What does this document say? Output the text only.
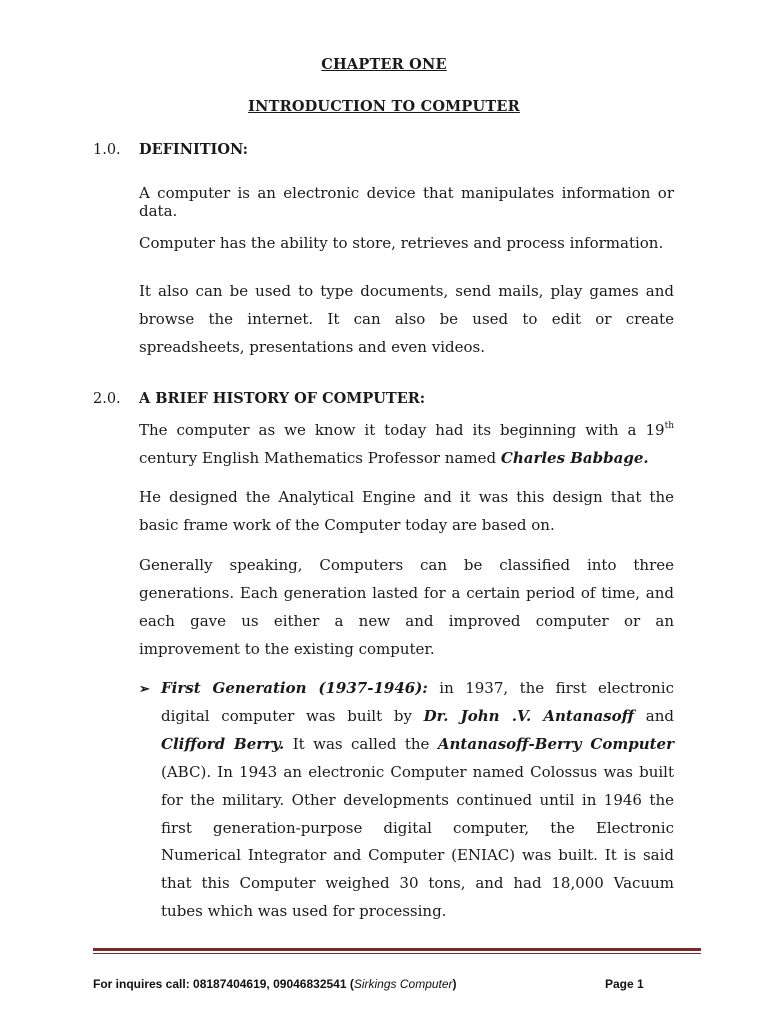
CHAPTER ONE
INTRODUCTION TO COMPUTER
1.0. DEFINITION:

A computer is an electronic device that manipulates information or data.

Computer has the ability to store, retrieves and process information.

It also can be used to type documents, send mails, play games and browse the internet. It can also be used to edit or create spreadsheets, presentations and even videos.

2.0. A BRIEF HISTORY OF COMPUTER:

The computer as we know it today had its beginning with a 19th century English Mathematics Professor named Charles Babbage.

He designed the Analytical Engine and it was this design that the basic frame work of the Computer today are based on.

Generally speaking, Computers can be classified into three generations. Each generation lasted for a certain period of time, and each gave us either a new and improved computer or an improvement to the existing computer.

➢ First Generation (1937-1946): in 1937, the first electronic digital computer was built by Dr. John .V. Antanasoff and Clifford Berry. It was called the Antanasoff-Berry Computer (ABC). In 1943 an electronic Computer named Colossus was built for the military. Other developments continued until in 1946 the first generation-purpose digital computer, the Electronic Numerical Integrator and Computer (ENIAC) was built. It is said that this Computer weighed 30 tons, and had 18,000 Vacuum tubes which was used for processing.

For inquires call: 08187404619, 09046832541 (Sirkings Computer)	Page 1
